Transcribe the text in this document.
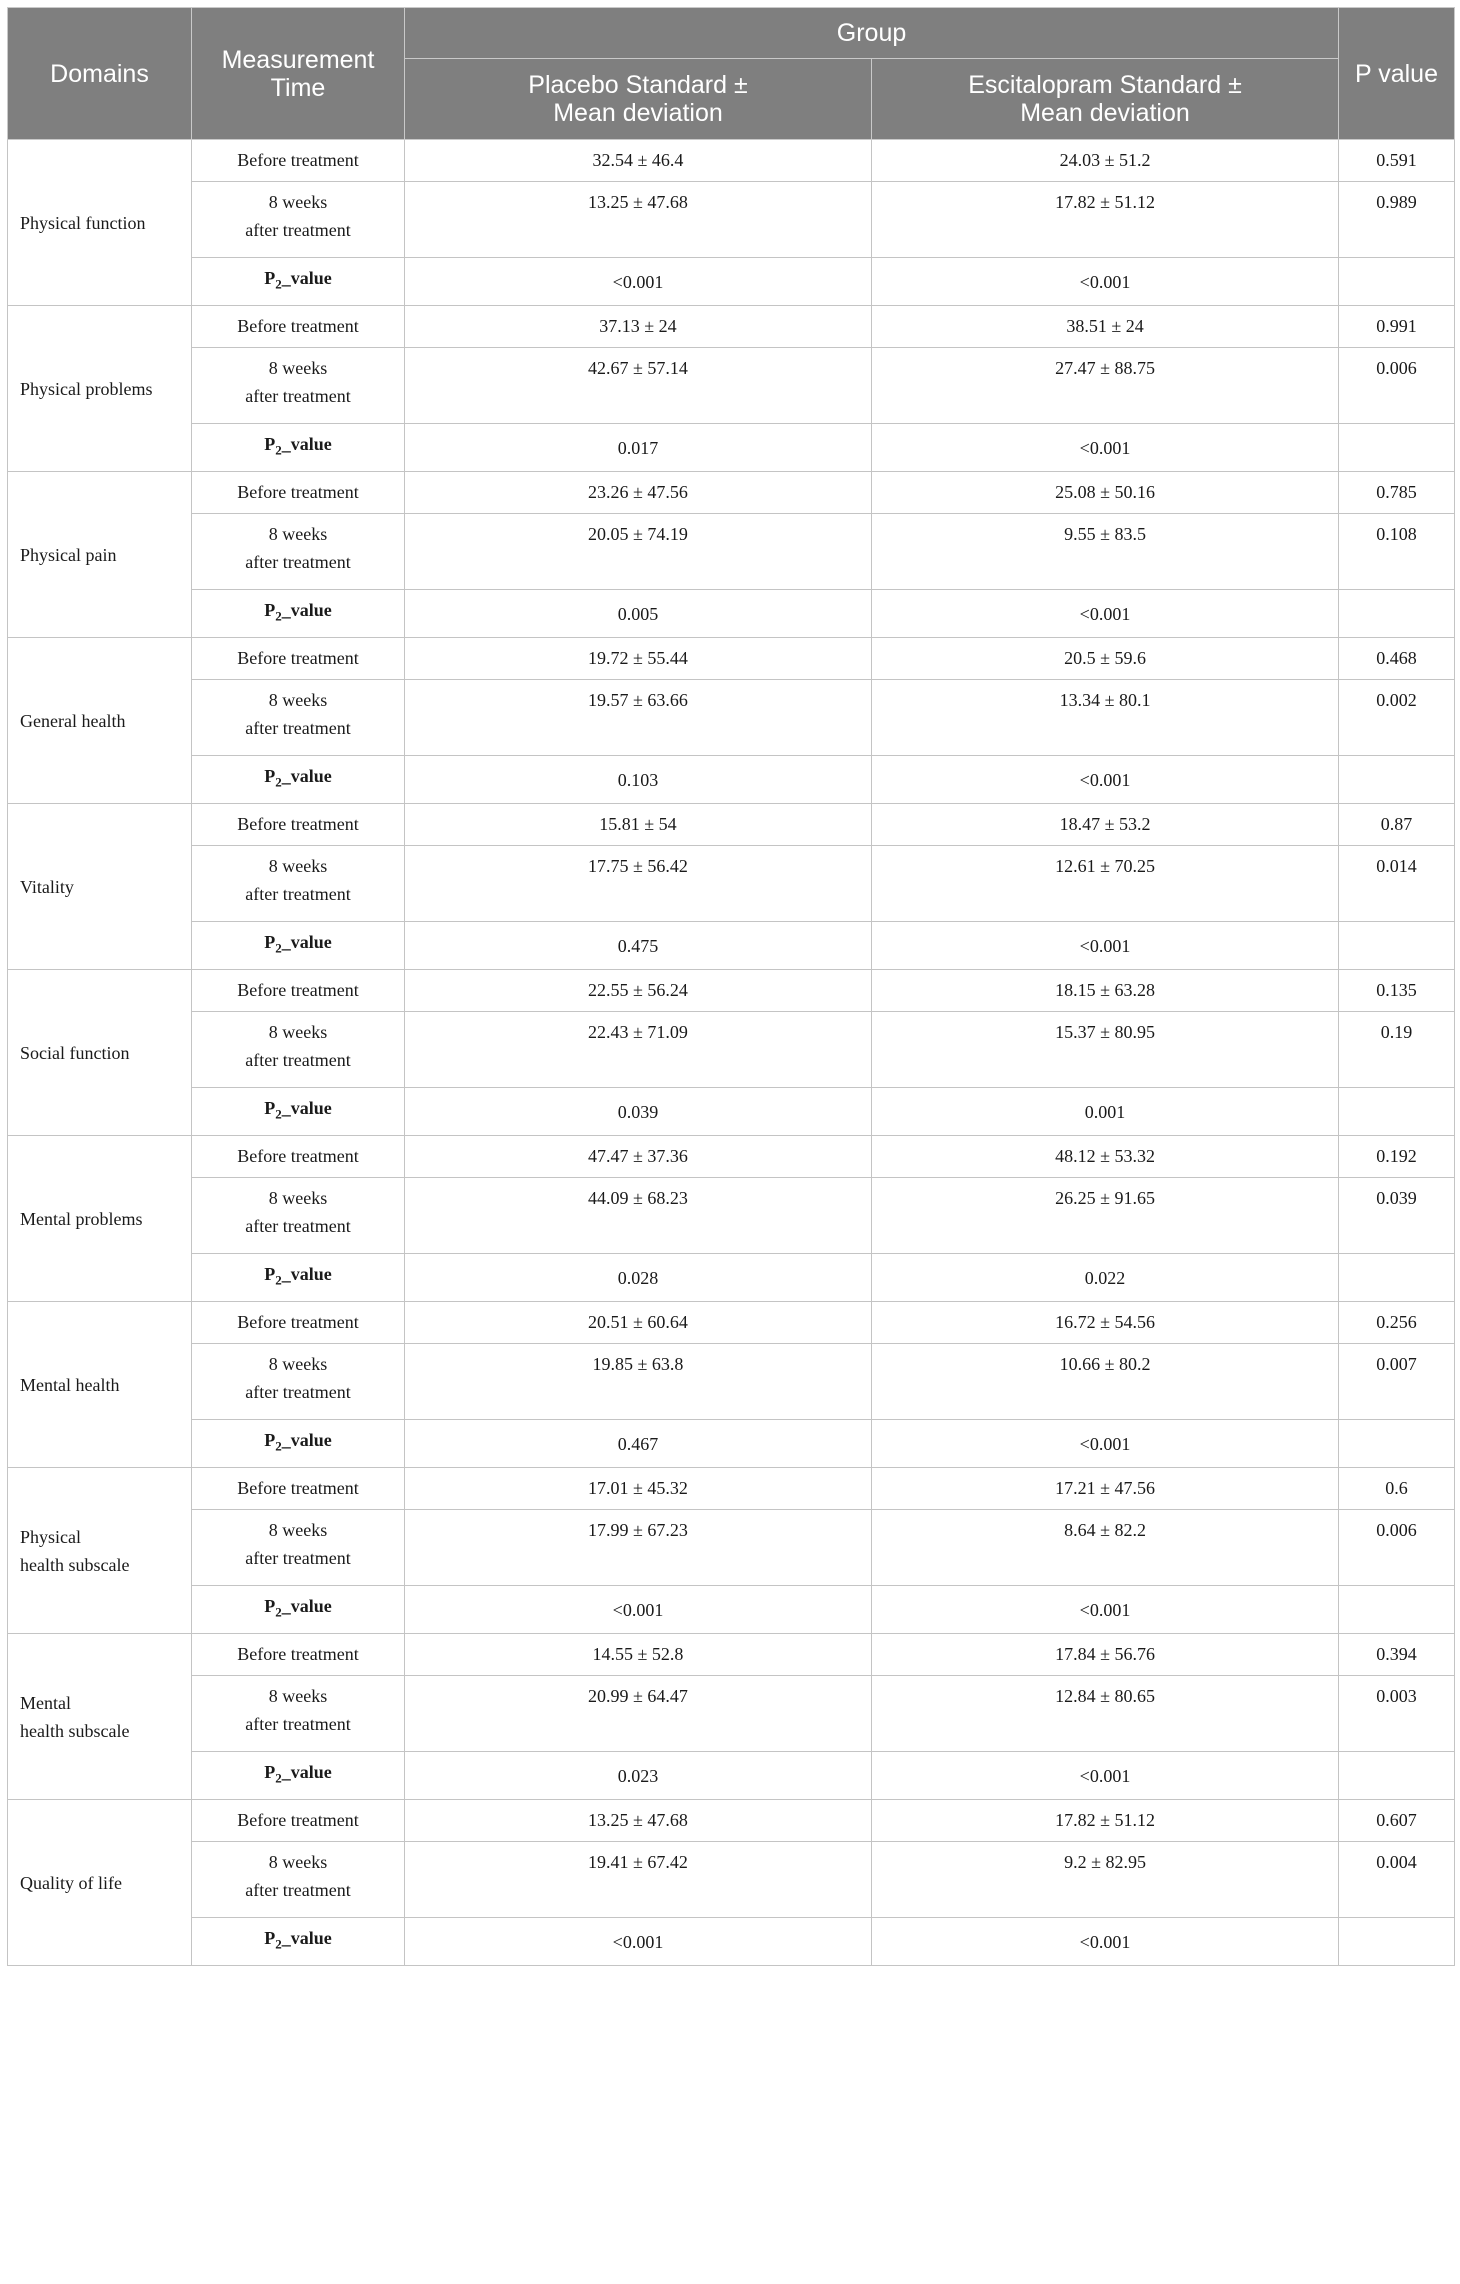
Domains	Measurement Time	Group		P value

		Placebo Standard ±
Mean deviation	Escitalopram Standard ±
Mean deviation	

Physical function	Before treatment	32.54 ± 46.4	24.03 ± 51.2	0.591

	8 weeks
after treatment	13.25 ± 47.68	17.82 ± 51.12	0.989
	$P_2\_value$	<0.001	<0.001	

Physical problems	Before treatment	37.13 ± 24	38.51 ± 24	0.991

	8 weeks
after treatment	42.67 ± 57.14	27.47 ± 88.75	0.006
	$P_2\_value$	0.017	<0.001	

Physical pain	Before treatment	23.26 ± 47.56	25.08 ± 50.16	0.785

	8 weeks
after treatment	20.05 ± 74.19	9.55 ± 83.5	0.108
	$P_2\_value$	0.005	<0.001	

General health	Before treatment	19.72 ± 55.44	20.5 ± 59.6	0.468

	8 weeks
after treatment	19.57 ± 63.66	13.34 ± 80.1	0.002
	$P_2\_value$	0.103	<0.001	

Vitality	Before treatment	15.81 ± 54	18.47 ± 53.2	0.87

	8 weeks
after treatment	17.75 ± 56.42	12.61 ± 70.25	0.014
	$P_2\_value$	0.475	<0.001	

Social function	Before treatment	22.55 ± 56.24	18.15 ± 63.28	0.135

	8 weeks
after treatment	22.43 ± 71.09	15.37 ± 80.95	0.19
	$P_2\_value$	0.039	0.001	

Mental problems	Before treatment	47.47 ± 37.36	48.12 ± 53.32	0.192

	8 weeks
after treatment	44.09 ± 68.23	26.25 ± 91.65	0.039
	$P_2\_value$	0.028	0.022	

Mental health	Before treatment	20.51 ± 60.64	16.72 ± 54.56	0.256

	8 weeks
after treatment	19.85 ± 63.8	10.66 ± 80.2	0.007
	$P_2\_value$	0.467	<0.001	

Physical
health subscale	Before treatment	17.01 ± 45.32	17.21 ± 47.56	0.6

	8 weeks
after treatment	17.99 ± 67.23	8.64 ± 82.2	0.006
	$P_2\_value$	<0.001	<0.001	

Mental
health subscale	Before treatment	14.55 ± 52.8	17.84 ± 56.76	0.394

	8 weeks
after treatment	20.99 ± 64.47	12.84 ± 80.65	0.003
	$P_2\_value$	0.023	<0.001	

Quality of life	Before treatment	13.25 ± 47.68	17.82 ± 51.12	0.607

	8 weeks
after treatment	19.41 ± 67.42	9.2 ± 82.95	0.004
	$P_2\_value$	<0.001	<0.001	
